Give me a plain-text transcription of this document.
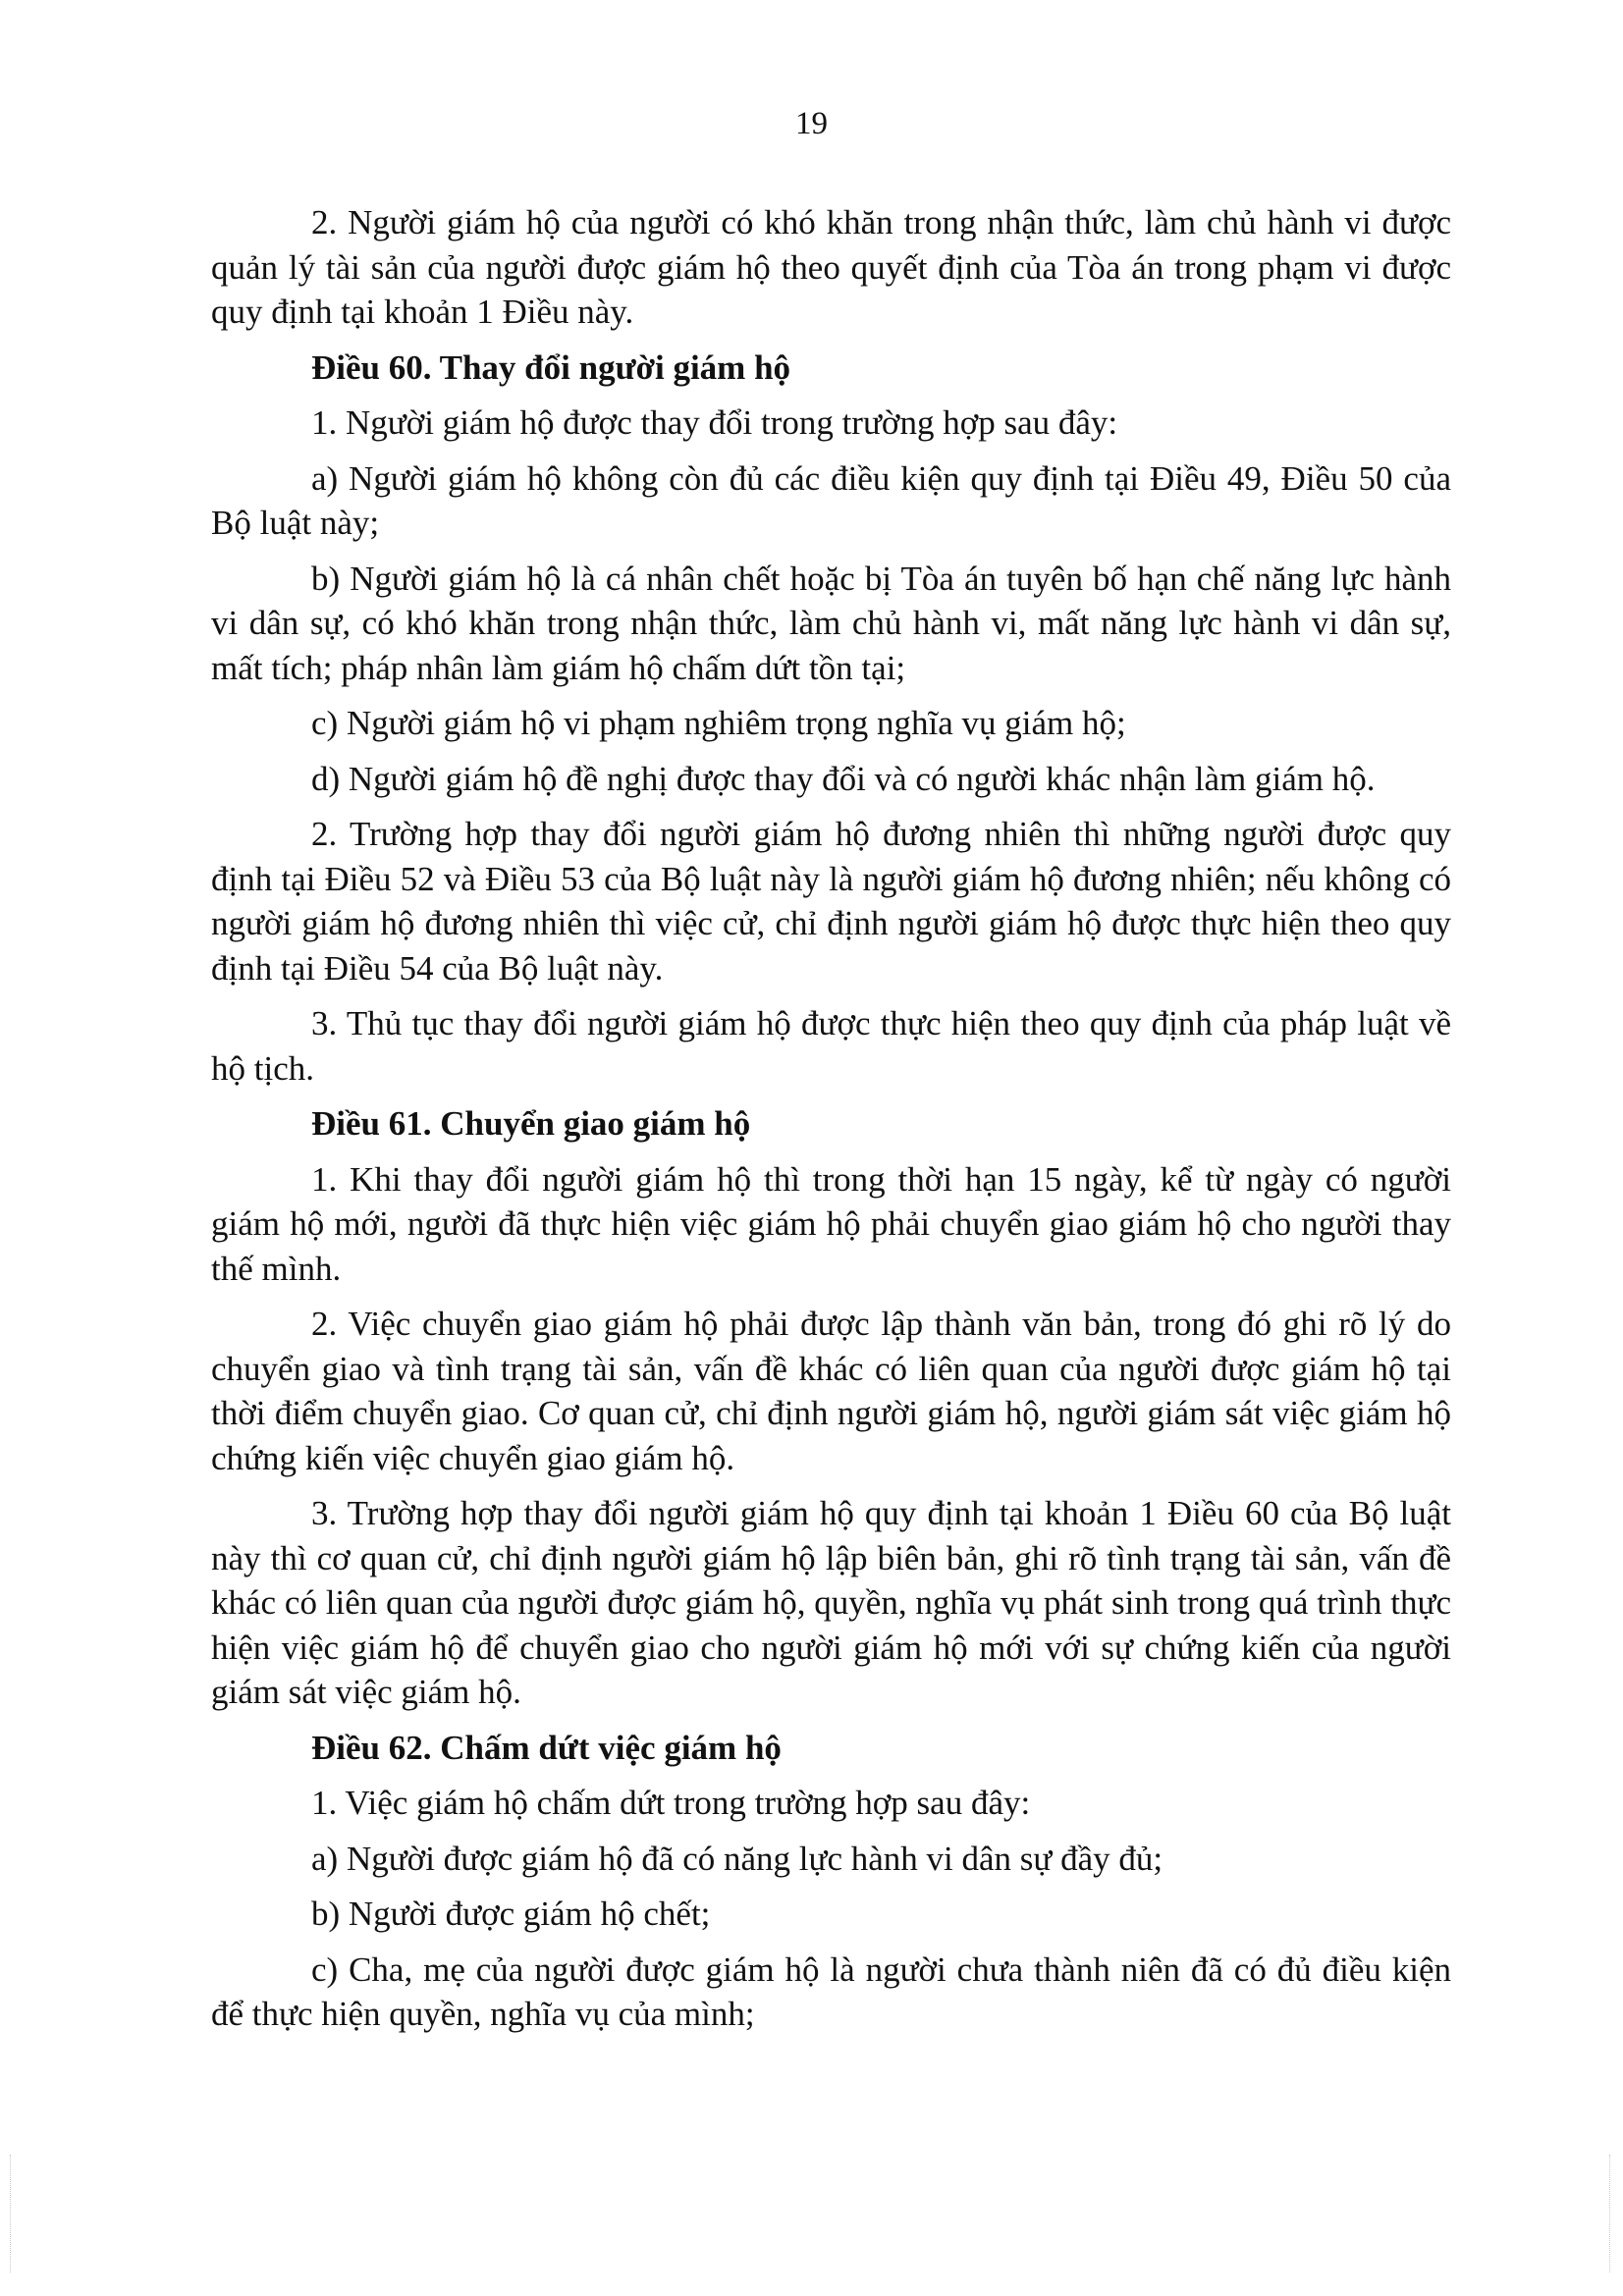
19

2. Người giám hộ của người có khó khăn trong nhận thức, làm chủ hành vi được quản lý tài sản của người được giám hộ theo quyết định của Tòa án trong phạm vi được quy định tại khoản 1 Điều này.

Điều 60. Thay đổi người giám hộ

1. Người giám hộ được thay đổi trong trường hợp sau đây:

a) Người giám hộ không còn đủ các điều kiện quy định tại Điều 49, Điều 50 của Bộ luật này;

b) Người giám hộ là cá nhân chết hoặc bị Tòa án tuyên bố hạn chế năng lực hành vi dân sự, có khó khăn trong nhận thức, làm chủ hành vi, mất năng lực hành vi dân sự, mất tích; pháp nhân làm giám hộ chấm dứt tồn tại;

c) Người giám hộ vi phạm nghiêm trọng nghĩa vụ giám hộ;

d) Người giám hộ đề nghị được thay đổi và có người khác nhận làm giám hộ.

2. Trường hợp thay đổi người giám hộ đương nhiên thì những người được quy định tại Điều 52 và Điều 53 của Bộ luật này là người giám hộ đương nhiên; nếu không có người giám hộ đương nhiên thì việc cử, chỉ định người giám hộ được thực hiện theo quy định tại Điều 54 của Bộ luật này.

3. Thủ tục thay đổi người giám hộ được thực hiện theo quy định của pháp luật về hộ tịch.

Điều 61. Chuyển giao giám hộ

1. Khi thay đổi người giám hộ thì trong thời hạn 15 ngày, kể từ ngày có người giám hộ mới, người đã thực hiện việc giám hộ phải chuyển giao giám hộ cho người thay thế mình.

2. Việc chuyển giao giám hộ phải được lập thành văn bản, trong đó ghi rõ lý do chuyển giao và tình trạng tài sản, vấn đề khác có liên quan của người được giám hộ tại thời điểm chuyển giao. Cơ quan cử, chỉ định người giám hộ, người giám sát việc giám hộ chứng kiến việc chuyển giao giám hộ.

3. Trường hợp thay đổi người giám hộ quy định tại khoản 1 Điều 60 của Bộ luật này thì cơ quan cử, chỉ định người giám hộ lập biên bản, ghi rõ tình trạng tài sản, vấn đề khác có liên quan của người được giám hộ, quyền, nghĩa vụ phát sinh trong quá trình thực hiện việc giám hộ để chuyển giao cho người giám hộ mới với sự chứng kiến của người giám sát việc giám hộ.

Điều 62. Chấm dứt việc giám hộ

1. Việc giám hộ chấm dứt trong trường hợp sau đây:

a) Người được giám hộ đã có năng lực hành vi dân sự đầy đủ;

b) Người được giám hộ chết;

c) Cha, mẹ của người được giám hộ là người chưa thành niên đã có đủ điều kiện để thực hiện quyền, nghĩa vụ của mình;
